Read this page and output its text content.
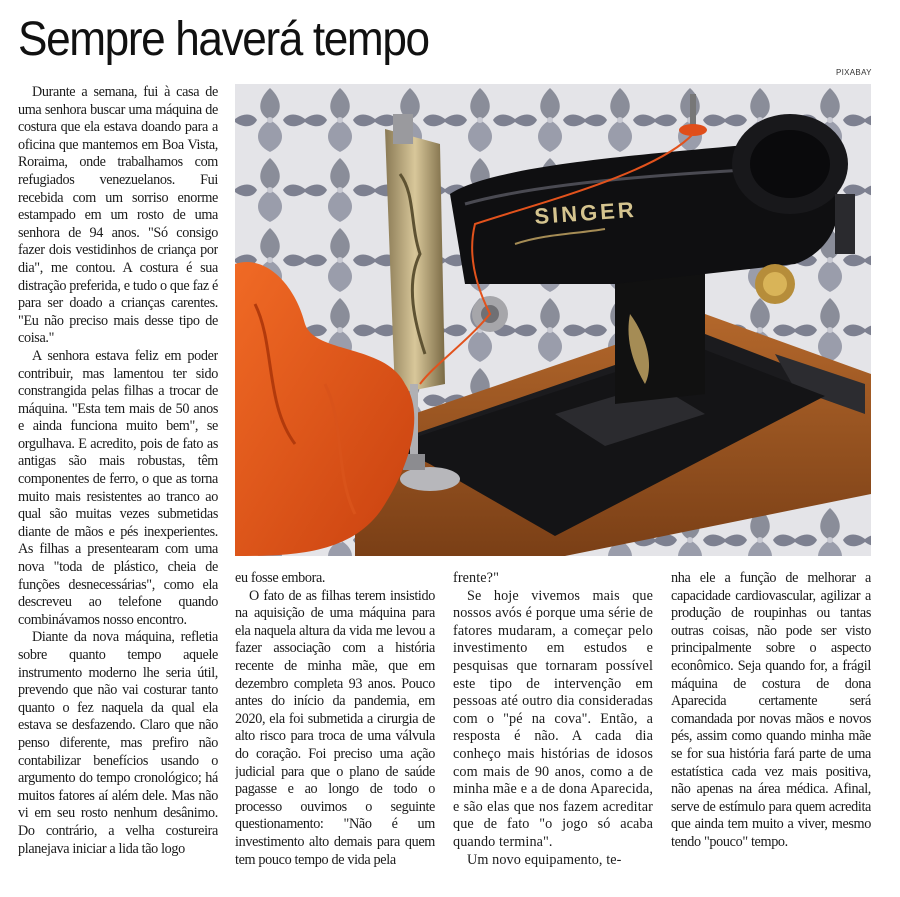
Sempre haverá tempo
PIXABAY
SINGER

Durante a semana, fui à casa de uma senhora buscar uma máquina de costura que ela estava doando para a oficina que mantemos em Boa Vista, Roraima, onde trabalhamos com refugiados venezuelanos. Fui recebida com um sorriso enorme estampado em um rosto de uma senhora de 94 anos. "Só consigo fazer dois vestidinhos de criança por dia", me contou. A costura é sua distração preferida, e tudo o que faz é para ser doado a crianças carentes. "Eu não preciso mais desse tipo de coisa."

A senhora estava feliz em poder contribuir, mas lamentou ter sido constrangida pelas filhas a trocar de máquina. "Esta tem mais de 50 anos e ainda funciona muito bem", se orgulhava. E acredito, pois de fato as antigas são mais robustas, têm componentes de ferro, o que as torna muito mais resistentes ao tranco ao qual são muitas vezes submetidas diante de mãos e pés inexperientes. As filhas a presentearam com uma nova "toda de plástico, cheia de funções desnecessárias", como ela descreveu ao telefone quando combinávamos nosso encontro.

Diante da nova máquina, refletia sobre quanto tempo aquele instrumento moderno lhe seria útil, prevendo que não vai costurar tanto quanto o fez naquela da qual ela estava se desfazendo. Claro que não penso diferente, mas prefiro não contabilizar benefícios usando o argumento do tempo cronológico; há muitos fatores aí além dele. Mas não vi em seu rosto nenhum desânimo. Do contrário, a velha costureira planejava iniciar a lida tão logo

eu fosse embora.

O fato de as filhas terem insistido na aquisição de uma máquina para ela naquela altura da vida me levou a fazer associação com a história recente de minha mãe, que em dezembro completa 93 anos. Pouco antes do início da pandemia, em 2020, ela foi submetida a cirurgia de alto risco para troca de uma válvula do coração. Foi preciso uma ação judicial para que o plano de saúde pagasse e ao longo de todo o processo ouvimos o seguinte questionamento: "Não é um investimento alto demais para quem tem pouco tempo de vida pela

frente?"

Se hoje vivemos mais que nossos avós é porque uma série de fatores mudaram, a começar pelo investimento em estudos e pesquisas que tornaram possível este tipo de intervenção em pessoas até outro dia consideradas com o "pé na cova". Então, a resposta é não. A cada dia conheço mais histórias de idosos com mais de 90 anos, como a de minha mãe e a de dona Aparecida, e são elas que nos fazem acreditar que de fato "o jogo só acaba quando termina".

Um novo equipamento, te-

nha ele a função de melhorar a capacidade cardiovascular, agilizar a produção de roupinhas ou tantas outras coisas, não pode ser visto principalmente sobre o aspecto econômico. Seja quando for, a frágil máquina de costura de dona Aparecida certamente será comandada por novas mãos e novos pés, assim como quando minha mãe se for sua história fará parte de uma estatística cada vez mais positiva, não apenas na área médica. Afinal, serve de estímulo para quem acredita que ainda tem muito a viver, mesmo tendo "pouco" tempo.
